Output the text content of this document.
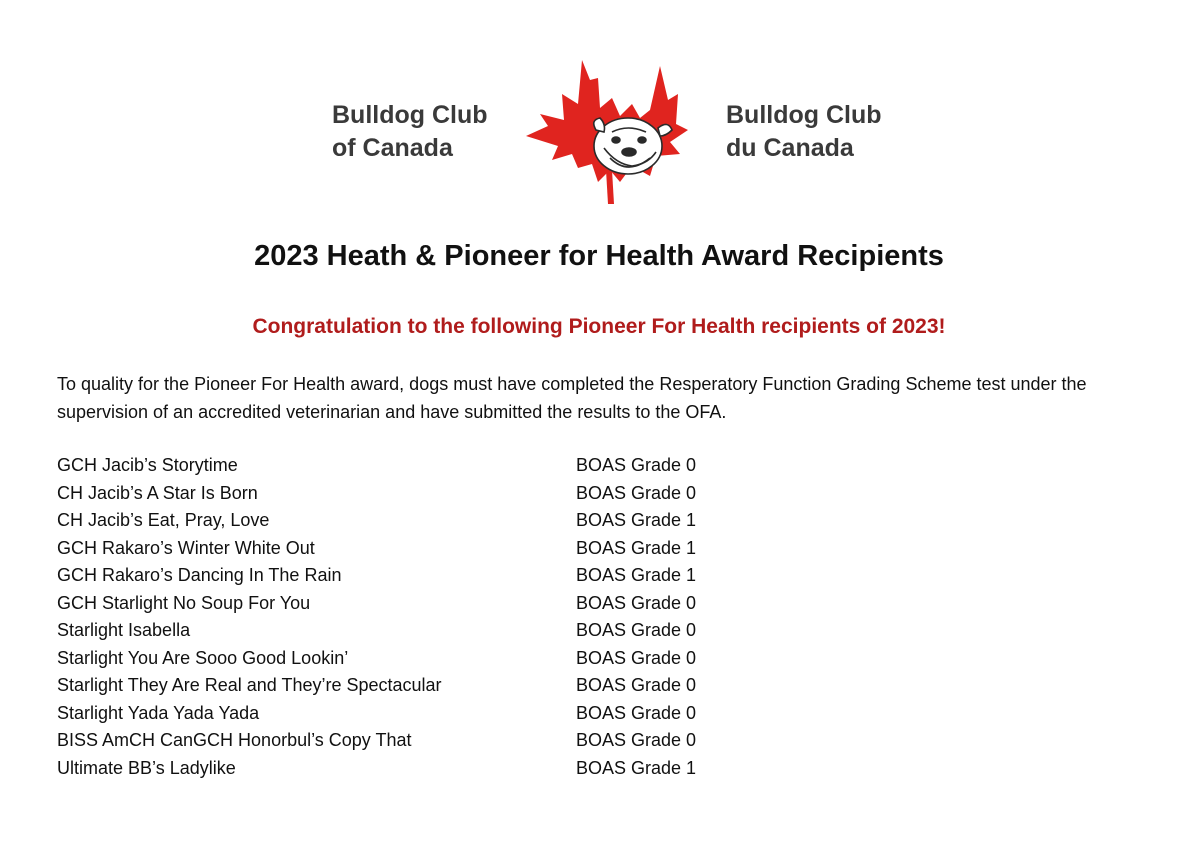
Bulldog Club
of Canada
Bulldog Club
du Canada
2023 Heath & Pioneer for Health Award Recipients
Congratulation to the following Pioneer For Health recipients of 2023!
To quality for the Pioneer For Health award, dogs must have completed the Resperatory Function Grading Scheme test under the supervision of an accredited veterinarian and have submitted the results to the OFA.
GCH Jacib’s Storytime	BOAS Grade 0
CH Jacib’s A Star Is Born	BOAS Grade 0
CH Jacib’s Eat, Pray, Love	BOAS Grade 1
GCH Rakaro’s Winter White Out	BOAS Grade 1
GCH Rakaro’s Dancing In The Rain	BOAS Grade 1
GCH Starlight No Soup For You	BOAS Grade 0
Starlight Isabella	BOAS Grade 0
Starlight You Are Sooo Good Lookin’	BOAS Grade 0
Starlight They Are Real and They’re Spectacular	BOAS Grade 0
Starlight Yada Yada Yada	BOAS Grade 0
BISS AmCH CanGCH Honorbul’s Copy That	BOAS Grade 0
Ultimate BB’s Ladylike	BOAS Grade 1
